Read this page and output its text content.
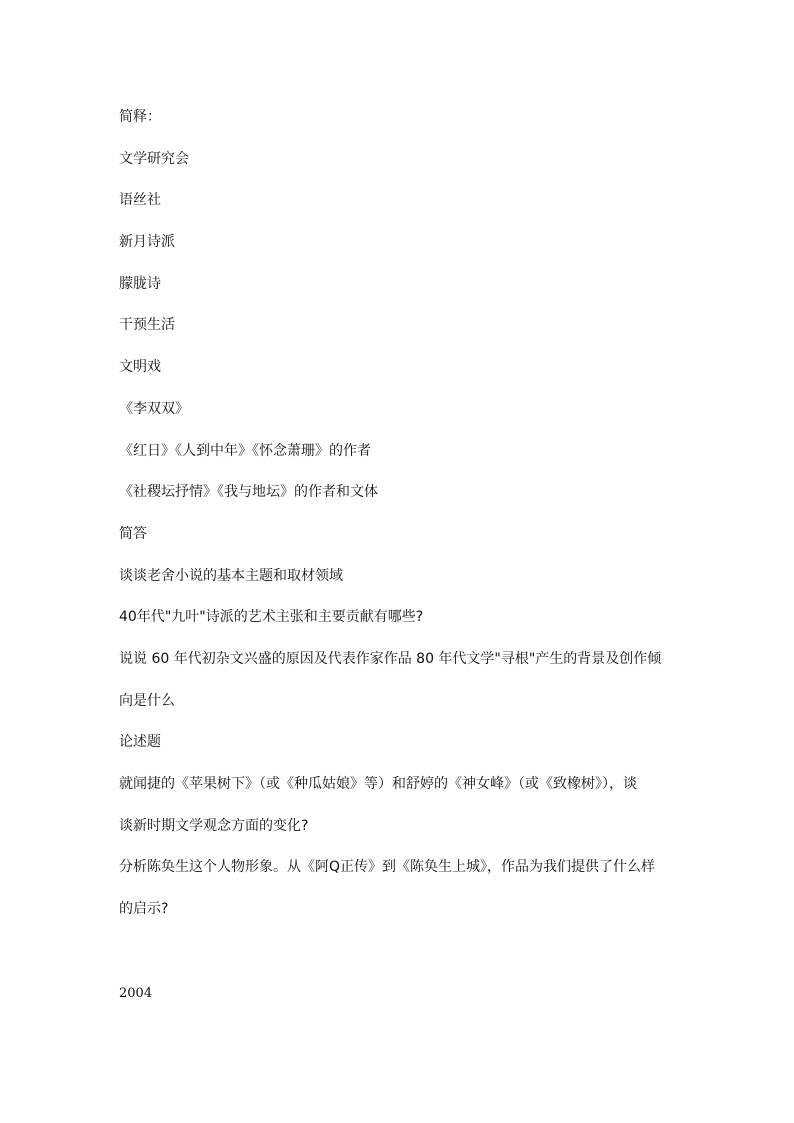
简释：
文学研究会
语丝社
新月诗派
朦胧诗
干预生活
文明戏
《李双双》
《红日》《人到中年》《怀念萧珊》的作者
《社稷坛抒情》《我与地坛》的作者和文体
简答
谈谈老舍小说的基本主题和取材领域
40年代"九叶"诗派的艺术主张和主要贡献有哪些?
说说 60 年代初杂文兴盛的原因及代表作家作品 80 年代文学"寻根"产生的背景及创作倾
向是什么
论述题
就闻捷的《苹果树下》（或《种瓜姑娘》等）和舒婷的《神女峰》（或《致橡树》），谈
谈新时期文学观念方面的变化?
分析陈奂生这个人物形象。从《阿Q正传》到《陈奂生上城》，作品为我们提供了什么样
的启示?
2004
